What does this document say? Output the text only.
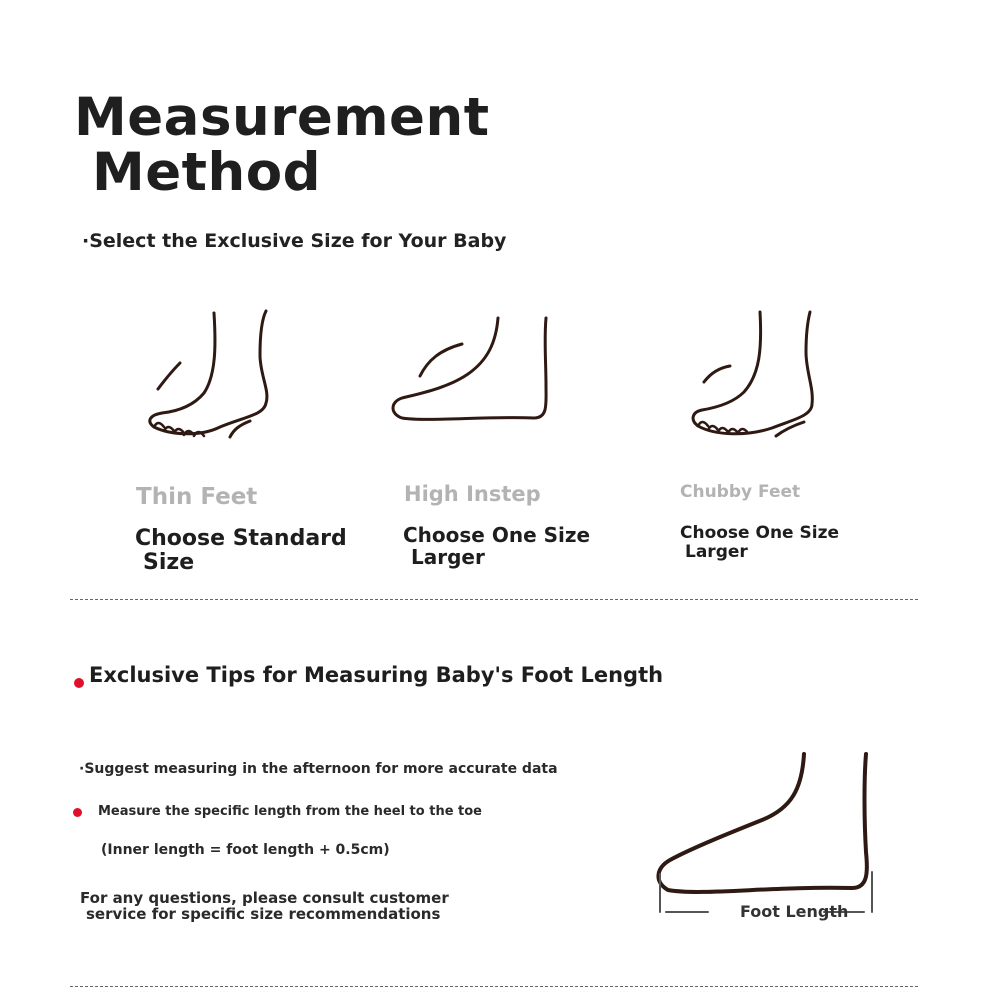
Measurement
Method
·Select the Exclusive Size for Your Baby
Thin Feet
Choose Standard
Size
High Instep
Choose One Size
Larger
Chubby Feet
Choose One Size
Larger
Exclusive Tips for Measuring Baby's Foot Length
·Suggest measuring in the afternoon for more accurate data
Measure the specific length from the heel to the toe
(Inner length = foot length + 0.5cm)
For any questions, please consult customer
service for specific size recommendations	Foot Length
